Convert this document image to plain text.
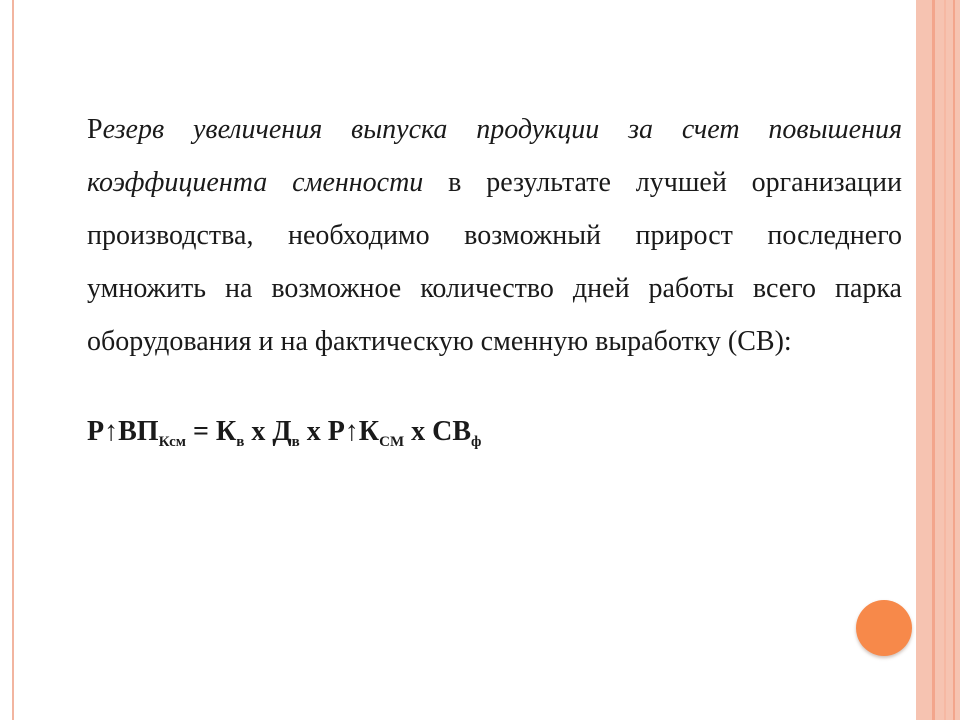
Резерв увеличения выпуска продукции за счет повышения коэффициента сменности в результате лучшей организации производства, необходимо возможный прирост последнего умножить на возможное количество дней работы всего парка оборудования и на фактическую сменную выработку (СВ):

$Р↑ВП_{Ксм} = К_в$ х $Д_в$ х $Р↑К_{СМ}$ х $СВ_ф$
